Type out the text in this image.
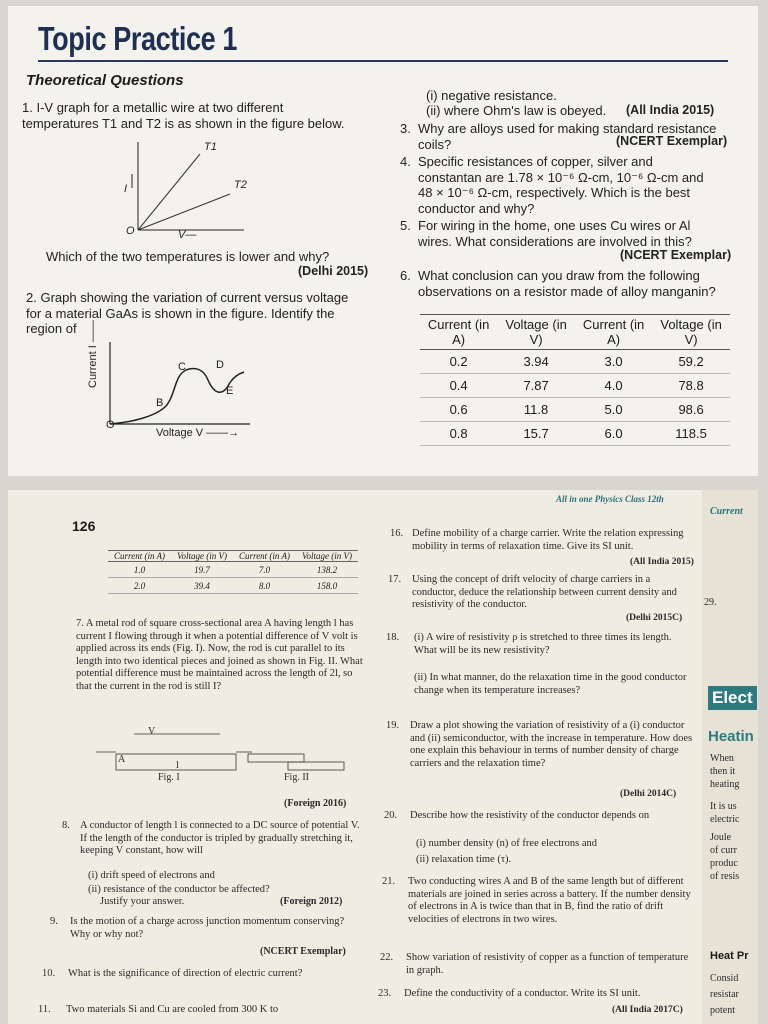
Topic Practice 1
Theoretical Questions
1. I-V graph for a metallic wire at two different temperatures T1 and T2 is as shown in the figure below.
T1
T2
I
O	V—
Which of the two temperatures is lower and why?
(Delhi 2015)
2. Graph showing the variation of current versus voltage for a material GaAs is shown in the figure. Identify the region of
B
C	D
E
O
Current I ——
Voltage V ——→
(i) negative resistance.
(ii) where Ohm's law is obeyed. (All India 2015)
3. Why are alloys used for making standard resistance coils?	(NCERT Exemplar)
4. Specific resistances of copper, silver and constantan are 1.78 × 10⁻⁶ Ω-cm, 10⁻⁶ Ω-cm and 48 × 10⁻⁶ Ω-cm, respectively. Which is the best conductor and why?
5. For wiring in the home, one uses Cu wires or Al wires. What considerations are involved in this?
(NCERT Exemplar)
6. What conclusion can you draw from the following observations on a resistor made of alloy manganin?
Current (in A)	Voltage (in V)	Current (in A)	Voltage (in V)
0.2	3.94	3.0	59.2
0.4	7.87	4.0	78.8
0.6	11.8	5.0	98.6
0.8	15.7	6.0	118.5
All in one Physics Class 12th
126
Current (in A)	Voltage (in V)	Current (in A)	Voltage (in V)
1.0	19.7	7.0	138.2
2.0	39.4	8.0	158.0
7. A metal rod of square cross-sectional area A having length l has current I flowing through it when a potential difference of V volt is applied across its ends (Fig. I). Now, the rod is cut parallel to its length into two identical pieces and joined as shown in Fig. II. What potential difference must be maintained across the length of 2l, so that the current in the rod is still I?
V
A
l
Fig. I	Fig. II
(Foreign 2016)
8. A conductor of length l is connected to a DC source of potential V. If the length of the conductor is tripled by gradually stretching it, keeping V constant, how will
(i) drift speed of electrons and
(ii) resistance of the conductor be affected?
Justify your answer.	(Foreign 2012)
9. Is the motion of a charge across junction momentum conserving? Why or why not?
(NCERT Exemplar)
10. What is the significance of direction of electric current?
11. Two materials Si and Cu are cooled from 300 K to
16. Define mobility of a charge carrier. Write the relation expressing mobility in terms of relaxation time. Give its SI unit.
(All India 2015)
17. Using the concept of drift velocity of charge carriers in a conductor, deduce the relationship between current density and resistivity of the conductor.
(Delhi 2015C)
18. (i) A wire of resistivity ρ is stretched to three times its length. What will be its new resistivity?
(ii) In what manner, do the relaxation time in the good conductor change when its temperature increases?
19. Draw a plot showing the variation of resistivity of a (i) conductor and (ii) semiconductor, with the increase in temperature. How does one explain this behaviour in terms of number density of charge carriers and the relaxation time?
(Delhi 2014C)
20. Describe how the resistivity of the conductor depends on
(i) number density (n) of free electrons and
(ii) relaxation time (τ).
21. Two conducting wires A and B of the same length but of different materials are joined in series across a battery. If the number density of electrons in A is twice than that in B, find the ratio of drift velocities of electrons in two wires.
22. Show variation of resistivity of copper as a function of temperature in graph.
23. Define the conductivity of a conductor. Write its SI unit.
(All India 2017C)
Current
29.
Elect
Heatin
When
then it
heating
It is us
electric
Joule
of curr
produc
of resis
Heat Pr
Consid
resistar
potent
